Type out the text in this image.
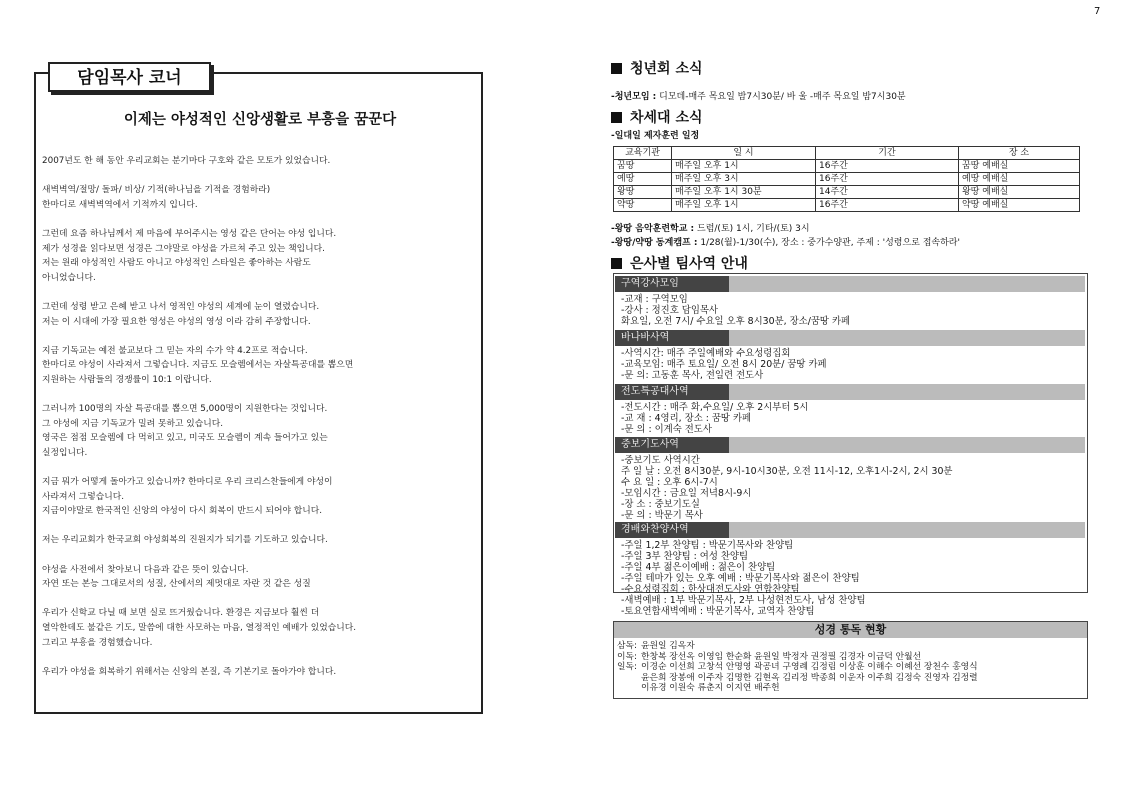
7
담임목사 코너
이제는 야성적인 신앙생활로 부흥을 꿈꾼다
2007년도 한 해 동안 우리교회는 분기마다 구호와 같은 모토가 있었습니다.

새벽벽역/절망/ 돌파/ 비상/ 기적(하나님을 기적을 경험하라)
한마디로 새벽벽역에서 기적까지 입니다.

그런데 요즘 하나님께서 제 마음에 부어주시는 영성 같은 단어는 야성 입니다.
제가 성경을 읽다보면 성경은 그야말로 야성을 가르쳐 주고 있는 책입니다.
저는 원래 야성적인 사람도 아니고 야성적인 스타일은 좋아하는 사람도
아니었습니다.

그런데 성령 받고 은혜 받고 나서 영적인 야성의 세계에 눈이 열렸습니다.
저는 이 시대에 가장 필요한 영성은 야성의 영성 이라 감히 주장합니다.

지금 기독교는 예전 불교보다 그 믿는 자의 수가 약 4.2프로 적습니다.
한마디로 야성이 사라져서 그렇습니다. 지금도 모슬렘에서는 자살특공대를 뽑으면
지원하는 사람들의 경쟁률이 10:1 이랍니다.

그러니까 100명의 자살 특공대를 뽑으면 5,000명이 지원한다는 것입니다.
그 야성에 지금 기독교가 밀려 못하고 있습니다.
영국은 점점 모슬렘에 다 먹히고 있고, 미국도 모슬렘이 계속 들어가고 있는
실정입니다.

지금 뭐가 어떻게 돌아가고 있습니까? 한마디로 우리 크리스찬들에게 야성이
사라져서 그렇습니다.
지금이야말로 한국적인 신앙의 야성이 다시 회복이 반드시 되어야 합니다.

저는 우리교회가 한국교회 야성회복의 진원지가 되기를 기도하고 있습니다.

야성을 사전에서 찾아보니 다음과 같은 뜻이 있습니다.
자연 또는 본능 그대로서의 성질, 산에서의 제멋대로 자란 것 같은 성질

우리가 신학교 다닐 때 보면 실로 뜨거웠습니다. 환경은 지금보다 훨씬 더
열악한데도 불같은 기도, 말씀에 대한 사모하는 마음, 열정적인 예배가 있었습니다.
그리고 부흥을 경험했습니다.

우리가 야성을 회복하기 위해서는 신앙의 본질, 즉 기본기로 돌아가야 합니다.
청년회 소식
-청년모임 : 디모데-매주 목요일 밤7시30분/ 바 울 -매주 목요일 밤7시30분
차세대 소식
-일대일 제자훈련 일정
교육기관	일 시	기간	장 소
꿈땅	매주일 오후 1시	16주간	꿈땅 예배실
예땅	매주일 오후 3시	16주간	예땅 예배실
왕땅	매주일 오후 1시 30분	14주간	왕땅 예배실
약땅	매주일 오후 1시	16주간	약땅 예배실
-왕땅 음악훈련학교 : 드럼/(토) 1시, 기타/(토) 3시
-왕땅/약땅 동계캠프 : 1/28(월)-1/30(수), 장소 : 중가수양관, 주제 : '성령으로 접속하라'
은사별 팀사역 안내
구역강사모임
-교재 : 구역모임
-강사 : 정진호 담임목사
화요일, 오전 7시/ 수요일 오후 8시30분, 장소/꿈땅 카페
바나바사역
-사역시간: 매주 주일예배와 수요성령집회
-교육모임: 매주 토요일/ 오전 8시 20분/ 꿈땅 카페
-문 의: 고동훈 목사, 전일련 전도사
전도특공대사역
-전도시간 : 매주 화,수요일/ 오후 2시부터 5시
-교 재 : 4영리, 장소 : 꿈땅 카페
-문 의 : 이계숙 전도사
중보기도사역
-중보기도 사역시간
주 일 날 : 오전 8시30분, 9시-10시30분, 오전 11시-12, 오후1시-2시, 2시 30분
수 요 일 : 오후 6시-7시
-모임시간 : 금요일 저녁8시-9시
-장 소 : 중보기도실
-문 의 : 박문기 목사
경배와찬양사역
-주일 1,2부 찬양팀 : 박문기목사와 찬양팀
-주일 3부 찬양팀 : 여성 찬양팀
-주일 4부 젊은이예배 : 젊은이 찬양팀
-주일 테마가 있는 오후 예배 : 박문기목사와 젊은이 찬양팀
-수요성령집회 : 한상대전도사와 연합찬양팀
-새벽예배 : 1부 박문기목사, 2부 나성현전도사, 남성 찬양팀
-토요연합새벽예배 : 박문기목사, 교역자 찬양팀
성경 통독 현황
삼독: 윤원일 김옥자
이독: 한창복 장선옥 이영임 한순화 윤원일 박정자 권정필 김경자 이금덕 안월선
일독: 이경순 이선희 고창석 안명영 곽공녀 구영례 김정림 이상훈 이해수 이혜선 장천수 홍영식
윤은희 장봉애 이주자 김명한 김현옥 김리정 박종희 이운자 이주희 김정숙 진영자 김정렬
이유경 이원숙 류춘지 이지연 배주헌
